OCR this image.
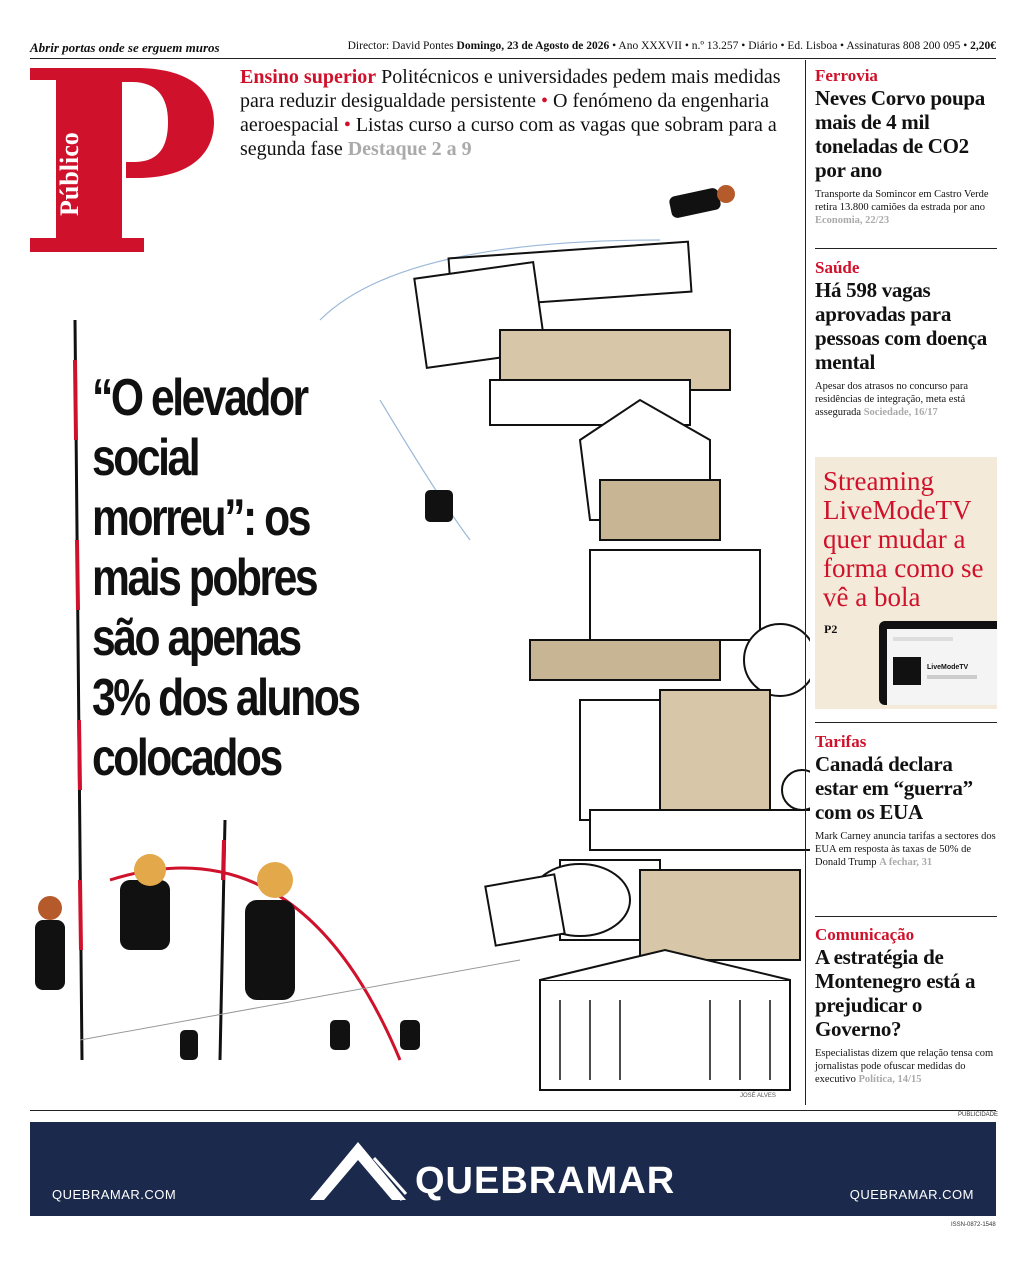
Abrir portas onde se erguem muros	Director: David Pontes Domingo, 23 de Agosto de 2026 • Ano XXXVII • n.º 13.257 • Diário • Ed. Lisboa • Assinaturas 808 200 095 • 2,20€
Público
Ensino superior Politécnicos e universidades pedem mais medidas para reduzir desigualdade persistente • O fenómeno da engenharia aeroespacial • Listas curso a curso com as vagas que sobram para a segunda fase Destaque 2 a 9
“O elevador social morreu”: os mais pobres são apenas 3% dos alunos colocados
JOSÉ ALVES
Ferrovia
Neves Corvo poupa mais de 4 mil toneladas de CO2 por ano
Transporte da Somincor em Castro Verde retira 13.800 camiões da estrada por ano Economia, 22/23
Saúde
Há 598 vagas aprovadas para pessoas com doença mental
Apesar dos atrasos no concurso para residências de integração, meta está assegurada Sociedade, 16/17
Streaming LiveModeTV quer mudar a forma como se vê a bola
P2
LiveModeTV
Tarifas
Canadá declara estar em “guerra” com os EUA
Mark Carney anuncia tarifas a sectores dos EUA em resposta às taxas de 50% de Donald Trump A fechar, 31
Comunicação
A estratégia de Montenegro está a prejudicar o Governo?
Especialistas dizem que relação tensa com jornalistas pode ofuscar medidas do executivo Política, 14/15
PUBLICIDADE
QUEBRAMAR.COM	QUEBRAMAR	QUEBRAMAR.COM
ISSN-0872-1548
